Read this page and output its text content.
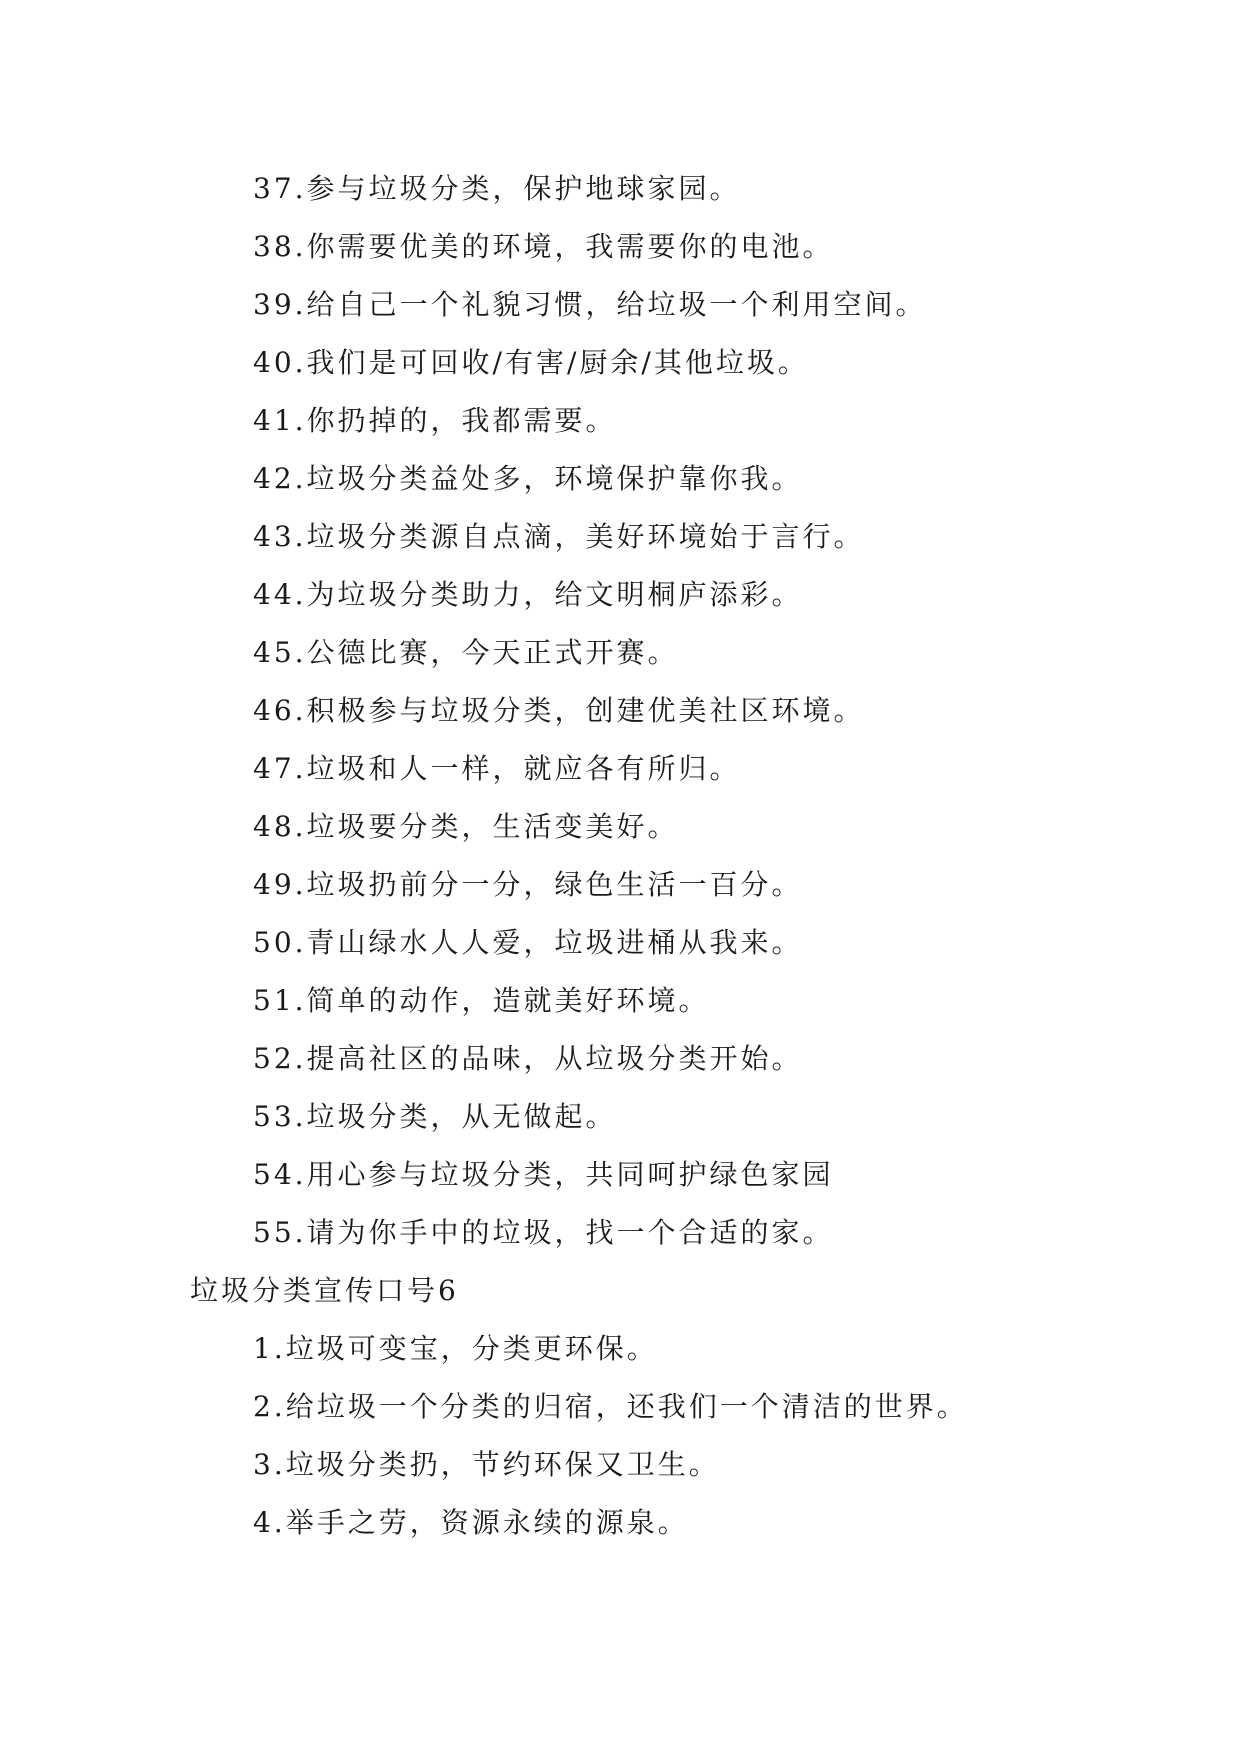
37.参与垃圾分类，保护地球家园。
38.你需要优美的环境，我需要你的电池。
39.给自己一个礼貌习惯，给垃圾一个利用空间。
40.我们是可回收/有害/厨余/其他垃圾。
41.你扔掉的，我都需要。
42.垃圾分类益处多，环境保护靠你我。
43.垃圾分类源自点滴，美好环境始于言行。
44.为垃圾分类助力，给文明桐庐添彩。
45.公德比赛，今天正式开赛。
46.积极参与垃圾分类，创建优美社区环境。
47.垃圾和人一样，就应各有所归。
48.垃圾要分类，生活变美好。
49.垃圾扔前分一分，绿色生活一百分。
50.青山绿水人人爱，垃圾进桶从我来。
51.简单的动作，造就美好环境。
52.提高社区的品味，从垃圾分类开始。
53.垃圾分类，从无做起。
54.用心参与垃圾分类，共同呵护绿色家园
55.请为你手中的垃圾，找一个合适的家。
垃圾分类宣传口号6
1.垃圾可变宝，分类更环保。
2.给垃圾一个分类的归宿，还我们一个清洁的世界。
3.垃圾分类扔，节约环保又卫生。
4.举手之劳，资源永续的源泉。
